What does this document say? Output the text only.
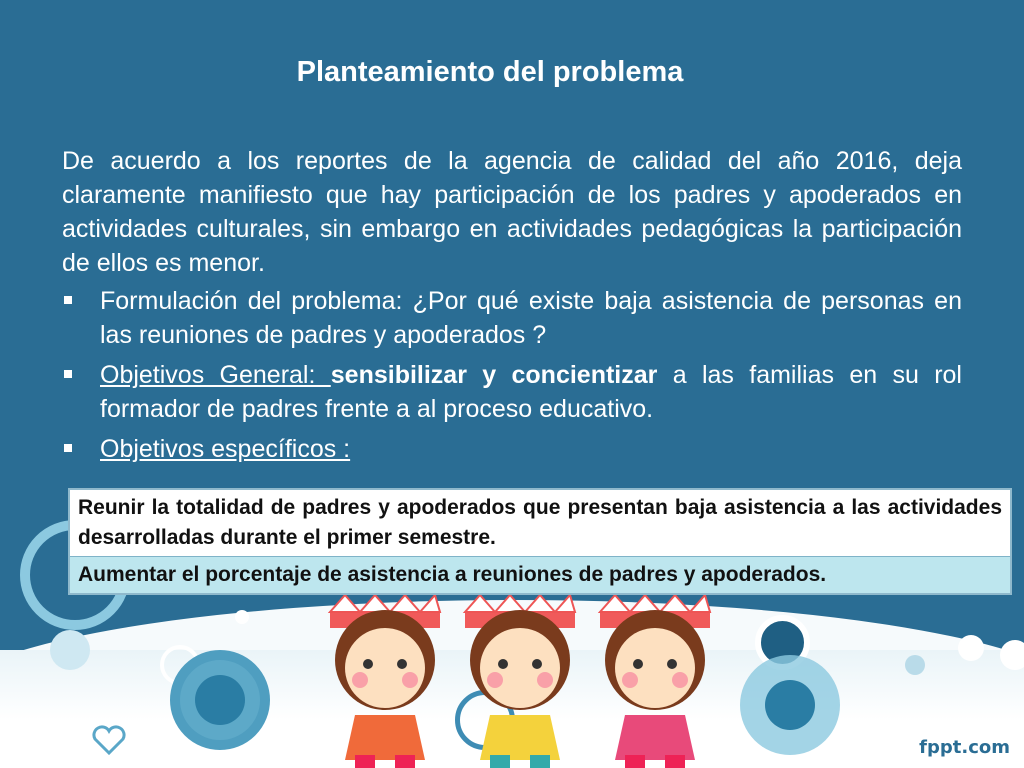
Planteamiento del problema
De acuerdo a los reportes de la agencia de calidad del año 2016, deja claramente manifiesto que hay participación de los padres y apoderados en actividades culturales, sin embargo en actividades pedagógicas la participación de ellos es menor.
Formulación del problema: ¿Por qué existe baja asistencia de personas en las reuniones de padres y apoderados ?
Objetivos General: sensibilizar y concientizar a las familias en su rol formador de padres frente a al proceso educativo.
Objetivos específicos :
Reunir la totalidad de padres y apoderados que presentan baja asistencia a las actividades desarrolladas durante el primer semestre.
Aumentar el porcentaje de asistencia a reuniones de padres y apoderados.
fppt.com
